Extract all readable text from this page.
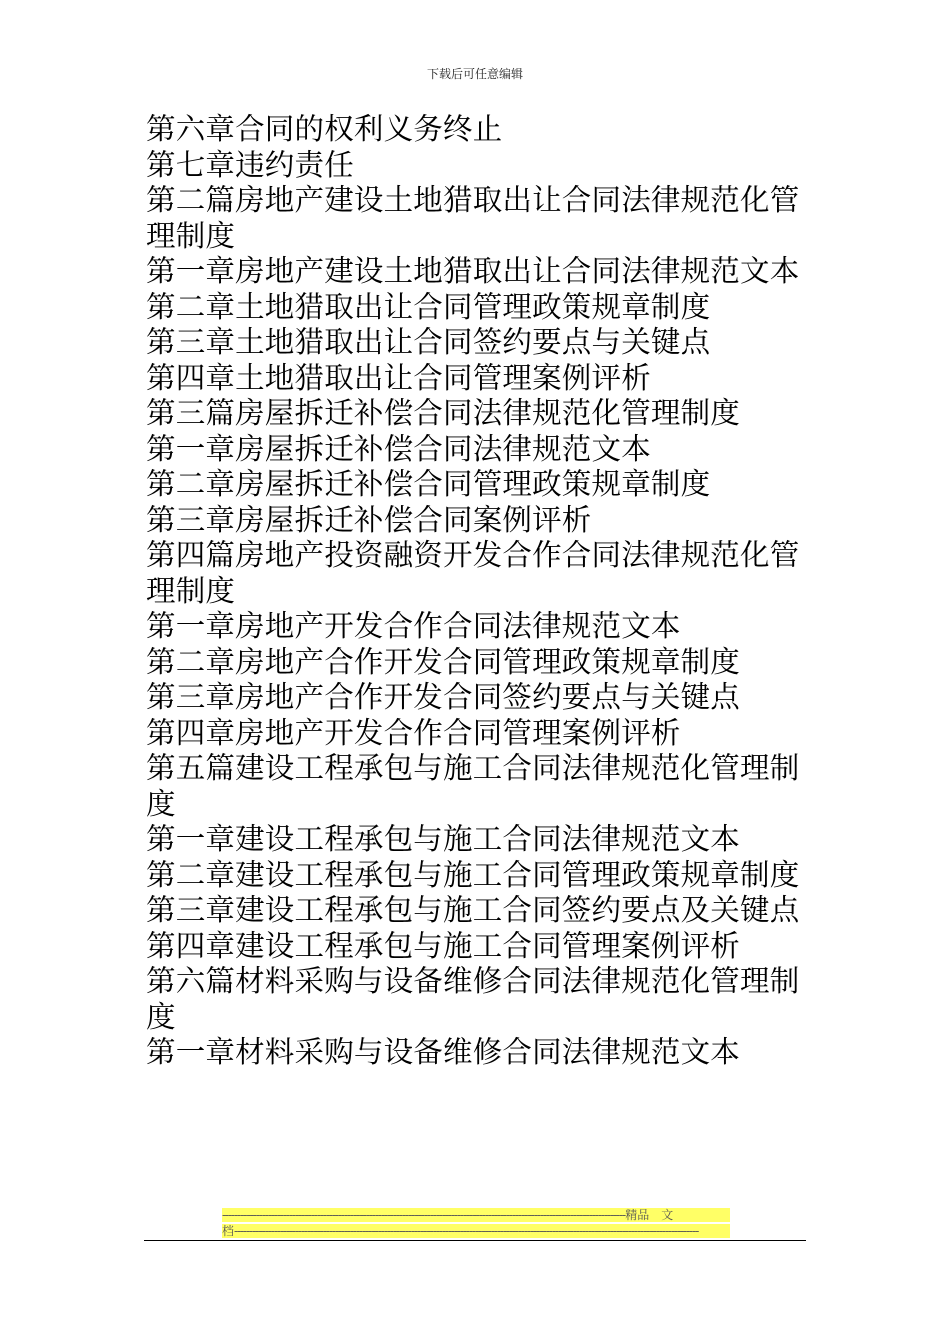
下载后可任意编辑
第六章合同的权利义务终止
第七章违约责任
第二篇房地产建设土地猎取出让合同法律规范化管理制度
第一章房地产建设土地猎取出让合同法律规范文本
第二章土地猎取出让合同管理政策规章制度
第三章土地猎取出让合同签约要点与关键点
第四章土地猎取出让合同管理案例评析
第三篇房屋拆迁补偿合同法律规范化管理制度
第一章房屋拆迁补偿合同法律规范文本
第二章房屋拆迁补偿合同管理政策规章制度
第三章房屋拆迁补偿合同案例评析
第四篇房地产投资融资开发合作合同法律规范化管理制度
第一章房地产开发合作合同法律规范文本
第二章房地产合作开发合同管理政策规章制度
第三章房地产合作开发合同签约要点与关键点
第四章房地产开发合作合同管理案例评析
第五篇建设工程承包与施工合同法律规范化管理制度
第一章建设工程承包与施工合同法律规范文本
第二章建设工程承包与施工合同管理政策规章制度
第三章建设工程承包与施工合同签约要点及关键点
第四章建设工程承包与施工合同管理案例评析
第六篇材料采购与设备维修合同法律规范化管理制度
第一章材料采购与设备维修合同法律规范文本
------------------------------------------------------------------------------------------------------------------------------------精品　文
档--------------------------------------------------------------------------------------------------------------------------------------------------------
